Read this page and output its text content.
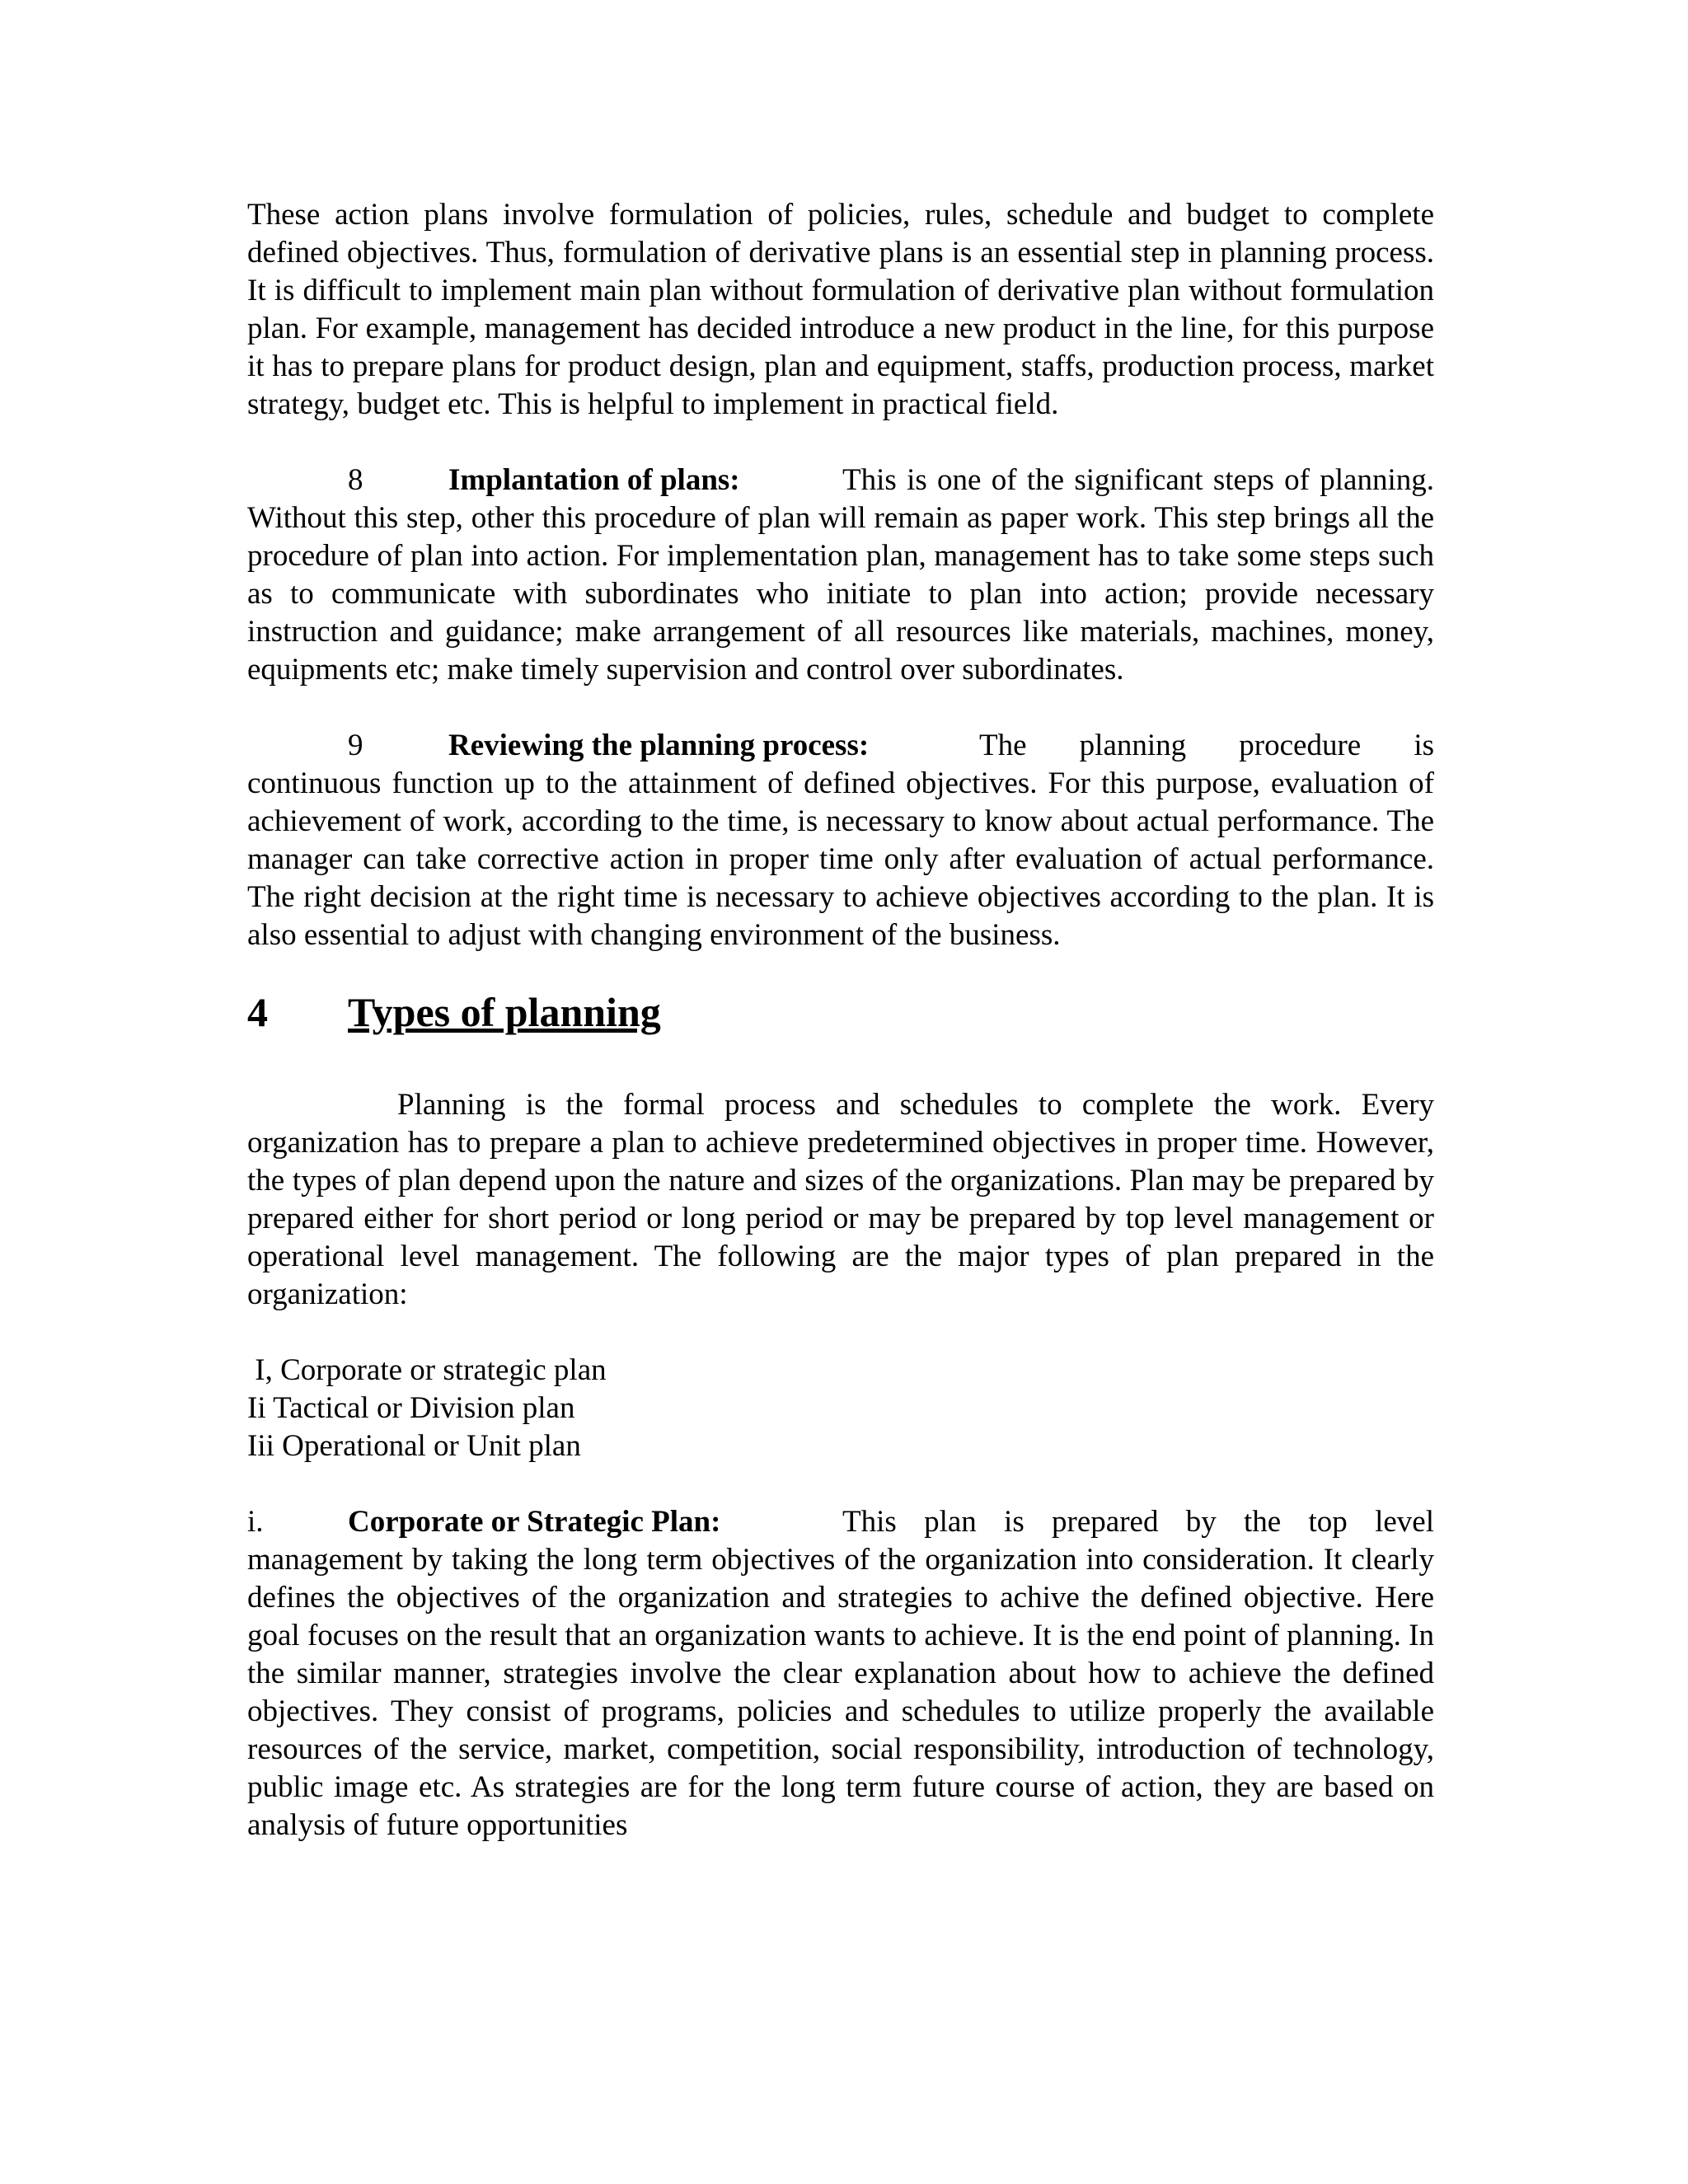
These action plans involve formulation of policies, rules, schedule and budget to complete defined objectives. Thus, formulation of derivative plans is an essential step in planning process. It is difficult to implement main plan without formulation of derivative plan without formulation plan. For example, management has decided introduce a new product in the line, for this purpose it has to prepare plans for product design, plan and equipment, staffs, production process, market strategy, budget etc. This is helpful to implement in practical field.

8	Implantation of plans:	This is one of the significant steps of planning. Without this step, other this procedure of plan will remain as paper work. This step brings all the procedure of plan into action. For implementation plan, management has to take some steps such as to communicate with subordinates who initiate to plan into action; provide necessary instruction and guidance; make arrangement of all resources like materials, machines, money, equipments etc; make timely supervision and control over subordinates.

9	Reviewing the planning process:	The planning procedure is continuous function up to the attainment of defined objectives. For this purpose, evaluation of achievement of work, according to the time, is necessary to know about actual performance. The manager can take corrective action in proper time only after evaluation of actual performance. The right decision at the right time is necessary to achieve objectives according to the plan. It is also essential to adjust with changing environment of the business.

4 Types of planning

Planning is the formal process and schedules to complete the work. Every organization has to prepare a plan to achieve predetermined objectives in proper time. However, the types of plan depend upon the nature and sizes of the organizations. Plan may be prepared by prepared either for short period or long period or may be prepared by top level management or operational level management. The following are the major types of plan prepared in the organization:

I, Corporate or strategic plan

Ii Tactical or Division plan

Iii Operational or Unit plan

i.	Corporate or Strategic Plan:	This plan is prepared by the top level management by taking the long term objectives of the organization into consideration. It clearly defines the objectives of the organization and strategies to achive the defined objective. Here goal focuses on the result that an organization wants to achieve. It is the end point of planning. In the similar manner, strategies involve the clear explanation about how to achieve the defined objectives. They consist of programs, policies and schedules to utilize properly the available resources of the service, market, competition, social responsibility, introduction of technology, public image etc. As strategies are for the long term future course of action, they are based on analysis of future opportunities
